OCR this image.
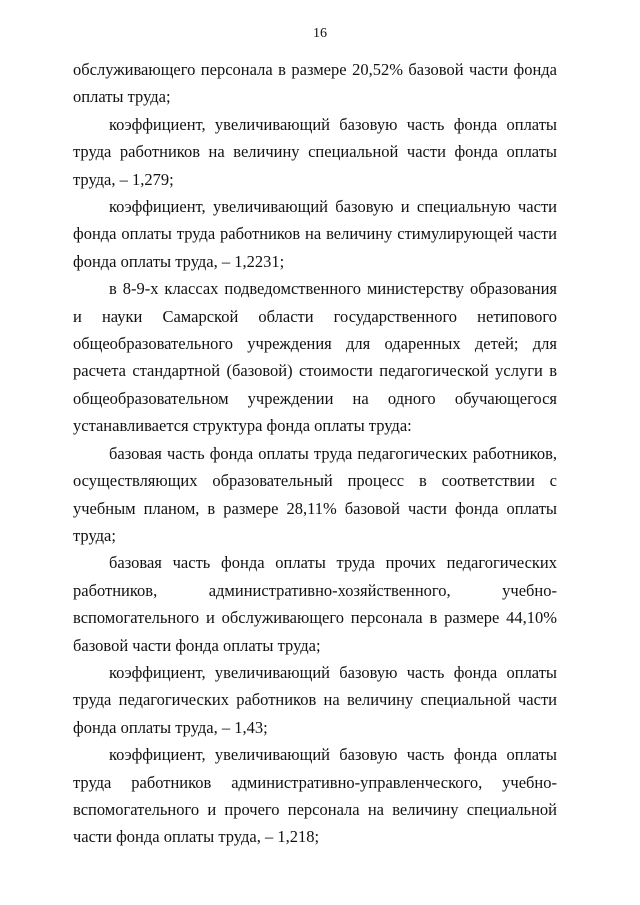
16

обслуживающего персонала в размере 20,52% базовой части фонда оплаты труда;

коэффициент, увеличивающий базовую часть фонда оплаты труда работников на величину специальной части фонда оплаты труда, – 1,279;

коэффициент, увеличивающий базовую и специальную части фонда оплаты труда работников на величину стимулирующей части фонда оплаты труда, – 1,2231;

в 8-9-х классах подведомственного министерству образования и науки Самарской области государственного нетипового общеобразовательного учреждения для одаренных детей; для расчета стандартной (базовой) стоимости педагогической услуги в общеобразовательном учреждении на одного обучающегося устанавливается структура фонда оплаты труда:

базовая часть фонда оплаты труда педагогических работников, осуществляющих образовательный процесс в соответствии с учебным планом, в размере 28,11% базовой части фонда оплаты труда;

базовая часть фонда оплаты труда прочих педагогических работников, административно-хозяйственного, учебно-вспомогательного и обслуживающего персонала в размере 44,10% базовой части фонда оплаты труда;

коэффициент, увеличивающий базовую часть фонда оплаты труда педагогических работников на величину специальной части фонда оплаты труда, – 1,43;

коэффициент, увеличивающий базовую часть фонда оплаты труда работников административно-управленческого, учебно-вспомогательного и прочего персонала на величину специальной части фонда оплаты труда, – 1,218;
